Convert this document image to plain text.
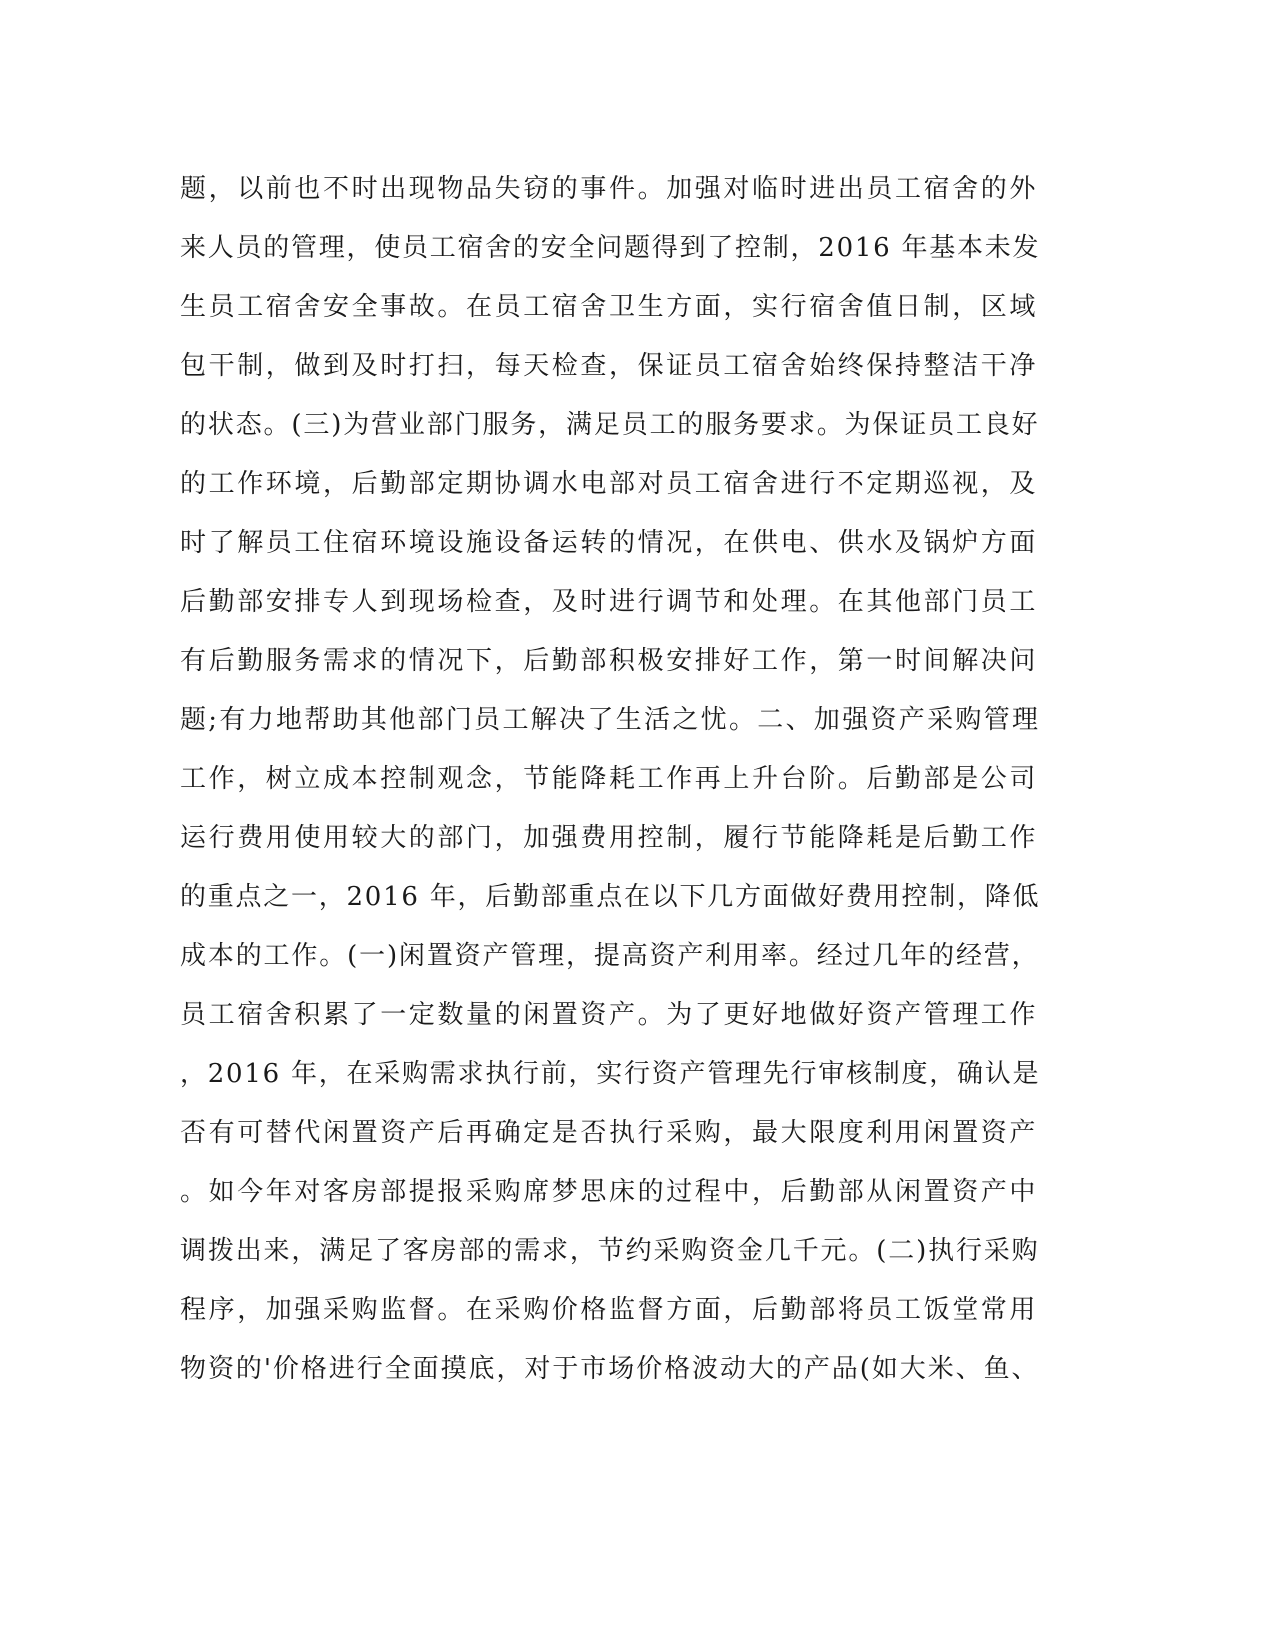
题，以前也不时出现物品失窃的事件。加强对临时进出员工宿舍的外
来人员的管理，使员工宿舍的安全问题得到了控制，2016 年基本未发
生员工宿舍安全事故。在员工宿舍卫生方面，实行宿舍值日制，区域
包干制，做到及时打扫，每天检查，保证员工宿舍始终保持整洁干净
的状态。(三)为营业部门服务，满足员工的服务要求。为保证员工良好
的工作环境，后勤部定期协调水电部对员工宿舍进行不定期巡视，及
时了解员工住宿环境设施设备运转的情况，在供电、供水及锅炉方面
后勤部安排专人到现场检查，及时进行调节和处理。在其他部门员工
有后勤服务需求的情况下，后勤部积极安排好工作，第一时间解决问
题;有力地帮助其他部门员工解决了生活之忧。二、加强资产采购管理
工作，树立成本控制观念，节能降耗工作再上升台阶。后勤部是公司
运行费用使用较大的部门，加强费用控制，履行节能降耗是后勤工作
的重点之一，2016 年，后勤部重点在以下几方面做好费用控制，降低
成本的工作。(一)闲置资产管理，提高资产利用率。经过几年的经营，
员工宿舍积累了一定数量的闲置资产。为了更好地做好资产管理工作
，2016 年，在采购需求执行前，实行资产管理先行审核制度，确认是
否有可替代闲置资产后再确定是否执行采购，最大限度利用闲置资产
。如今年对客房部提报采购席梦思床的过程中，后勤部从闲置资产中
调拨出来，满足了客房部的需求，节约采购资金几千元。(二)执行采购
程序，加强采购监督。在采购价格监督方面，后勤部将员工饭堂常用
物资的'价格进行全面摸底，对于市场价格波动大的产品(如大米、鱼、
